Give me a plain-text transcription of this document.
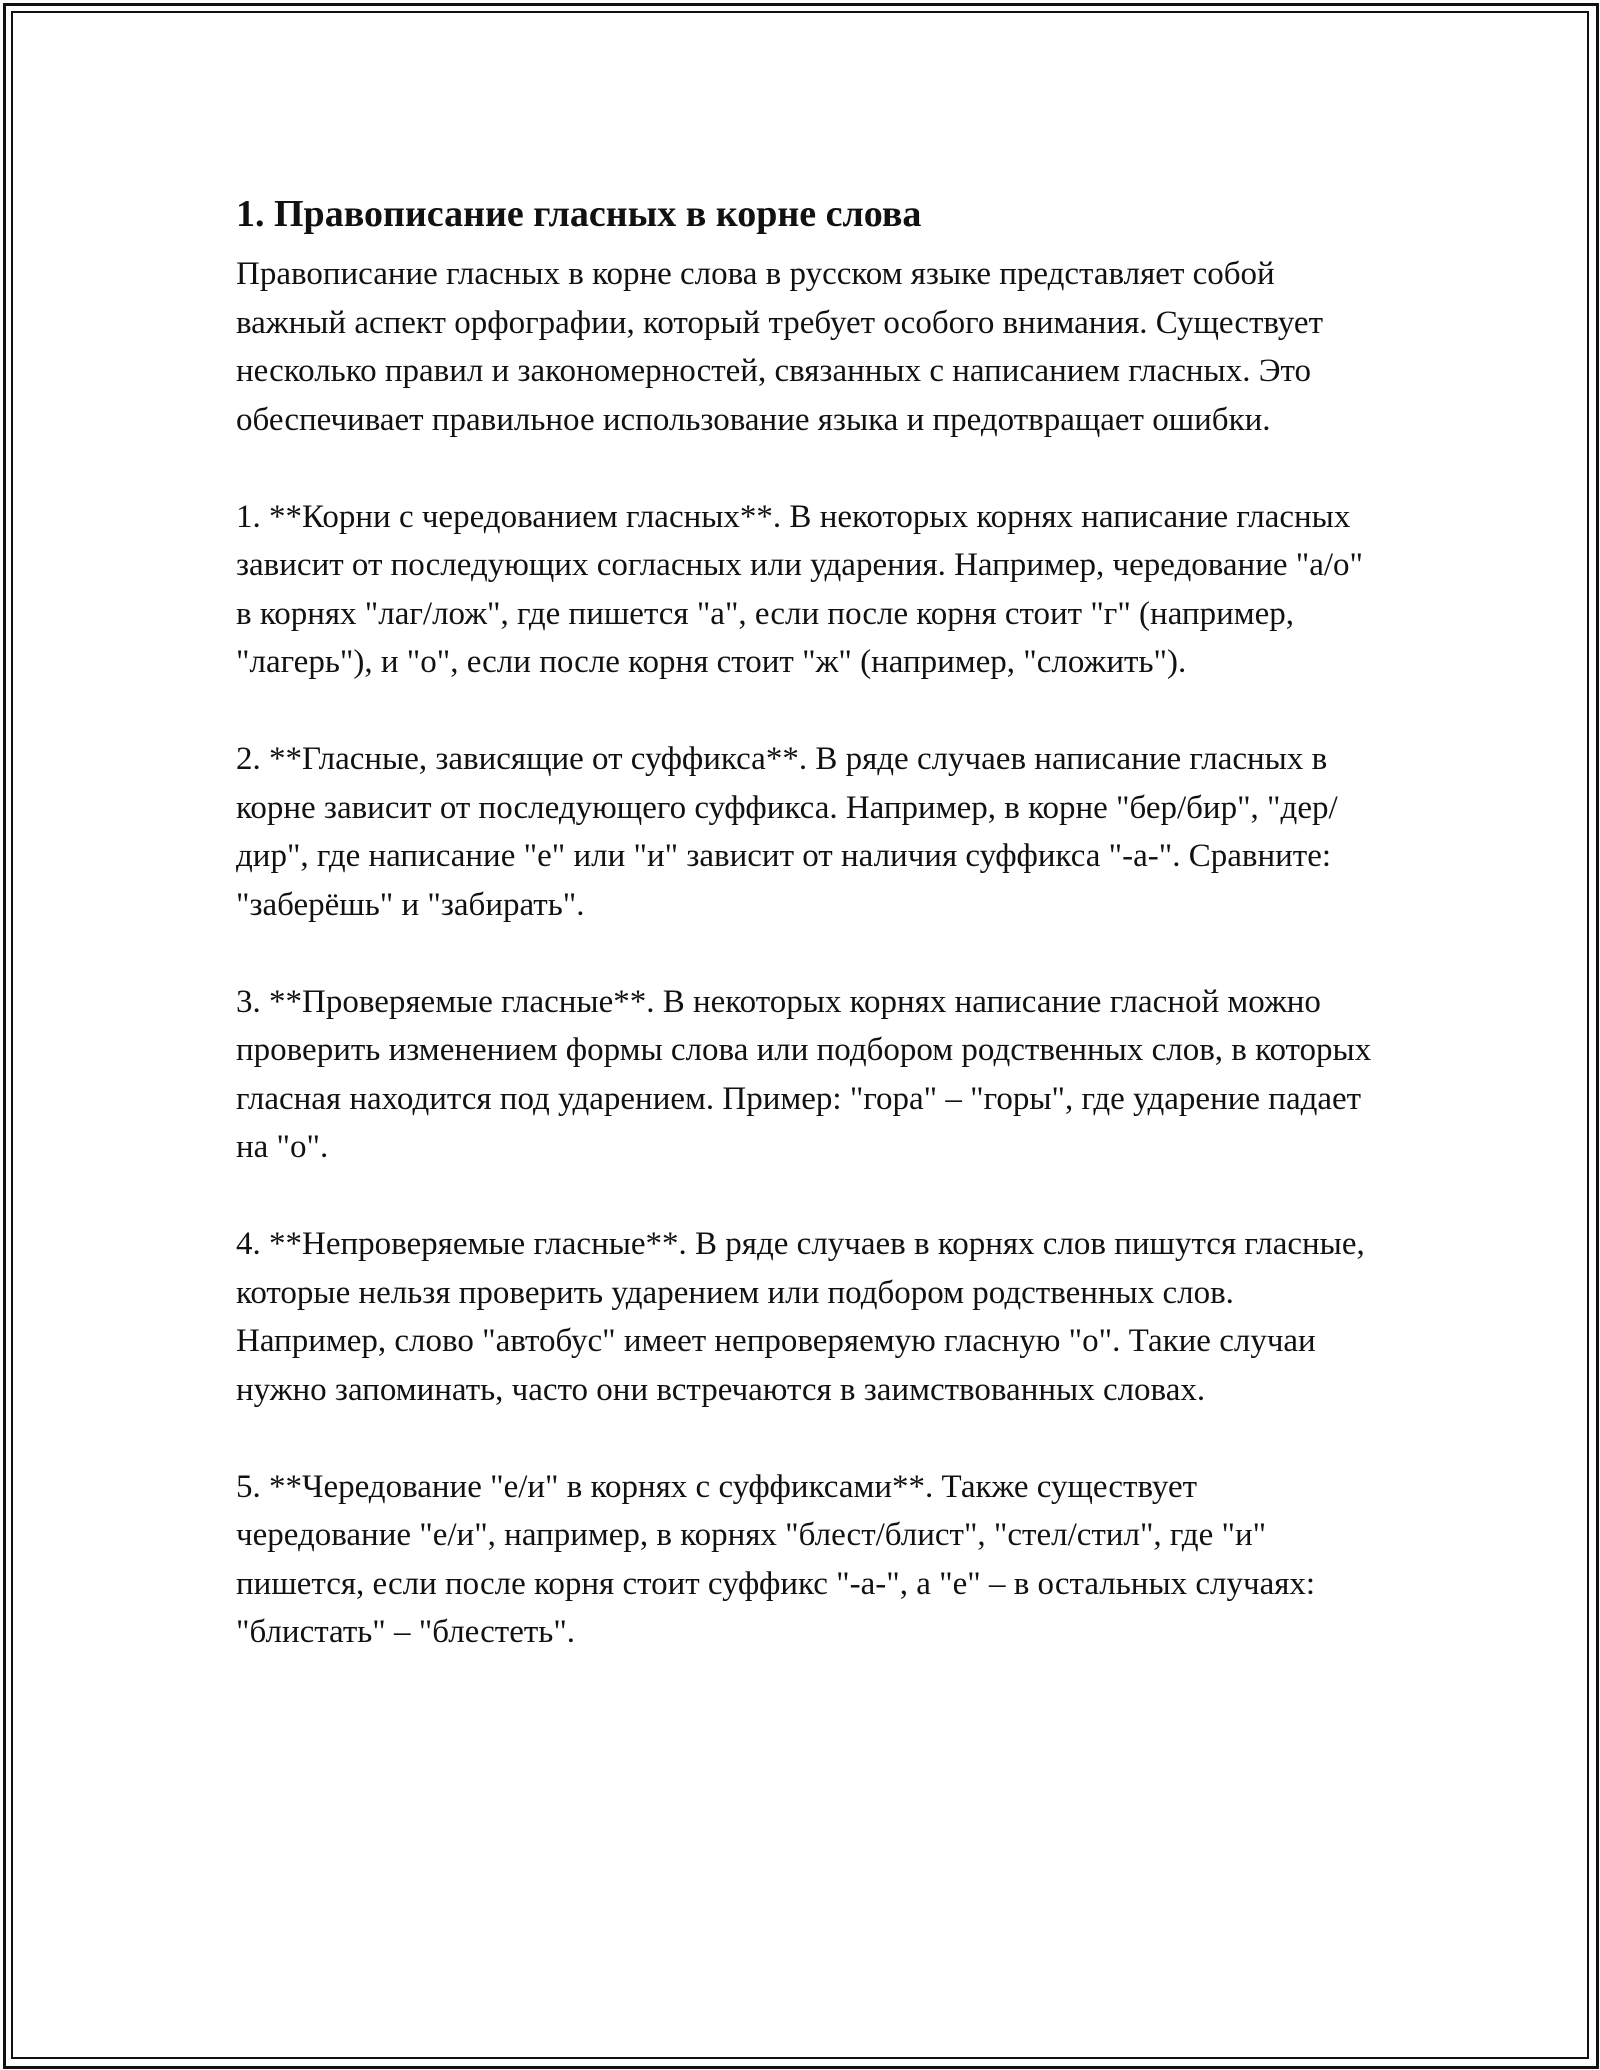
1. Правописание гласных в корне слова

Правописание гласных в корне слова в русском языке представляет собой важный аспект орфографии, который требует особого внимания. Существует несколько правил и закономерностей, связанных с написанием гласных. Это обеспечивает правильное использование языка и предотвращает ошибки.

1. **Корни с чередованием гласных**. В некоторых корнях написание гласных зависит от последующих согласных или ударения. Например, чередование "а/о" в корнях "лаг/лож", где пишется "а", если после корня стоит "г" (например, "лагерь"), и "о", если после корня стоит "ж" (например, "сложить").

2. **Гласные, зависящие от суффикса**. В ряде случаев написание гласных в корне зависит от последующего суффикса. Например, в корне "бер/бир", "дер/дир", где написание "е" или "и" зависит от наличия суффикса "-а-". Сравните: "заберёшь" и "забирать".

3. **Проверяемые гласные**. В некоторых корнях написание гласной можно проверить изменением формы слова или подбором родственных слов, в которых гласная находится под ударением. Пример: "гора" – "горы", где ударение падает на "о".

4. **Непроверяемые гласные**. В ряде случаев в корнях слов пишутся гласные, которые нельзя проверить ударением или подбором родственных слов. Например, слово "автобус" имеет непроверяемую гласную "о". Такие случаи нужно запоминать, часто они встречаются в заимствованных словах.

5. **Чередование "е/и" в корнях с суффиксами**. Также существует чередование "е/и", например, в корнях "блест/блист", "стел/стил", где "и" пишется, если после корня стоит суффикс "-а-", а "е" – в остальных случаях: "блистать" – "блестеть".
